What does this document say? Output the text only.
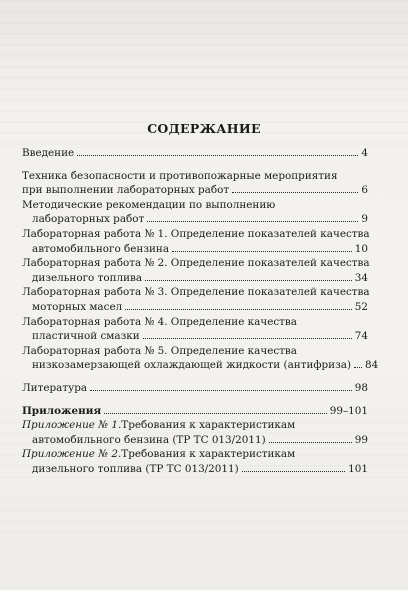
СОДЕРЖАНИЕ
Введение	4
Техника безопасности и противопожарные мероприятия
при выполнении лабораторных работ	6
Методические рекомендации по выполнению
лабораторных работ	9
Лабораторная работа № 1. Определение показателей качества
автомобильного бензина	10
Лабораторная работа № 2. Определение показателей качества
дизельного топлива	34
Лабораторная работа № 3. Определение показателей качества
моторных масел	52
Лабораторная работа № 4. Определение качества
пластичной смазки	74
Лабораторная работа № 5. Определение качества
низкозамерзающей охлаждающей жидкости (антифриза) 84
Литература	98
Приложения	99–101
Приложение № 1. Требования к характеристикам
автомобильного бензина (ТР ТС 013/2011)	99
Приложение № 2. Требования к характеристикам
дизельного топлива (ТР ТС 013/2011)	101
